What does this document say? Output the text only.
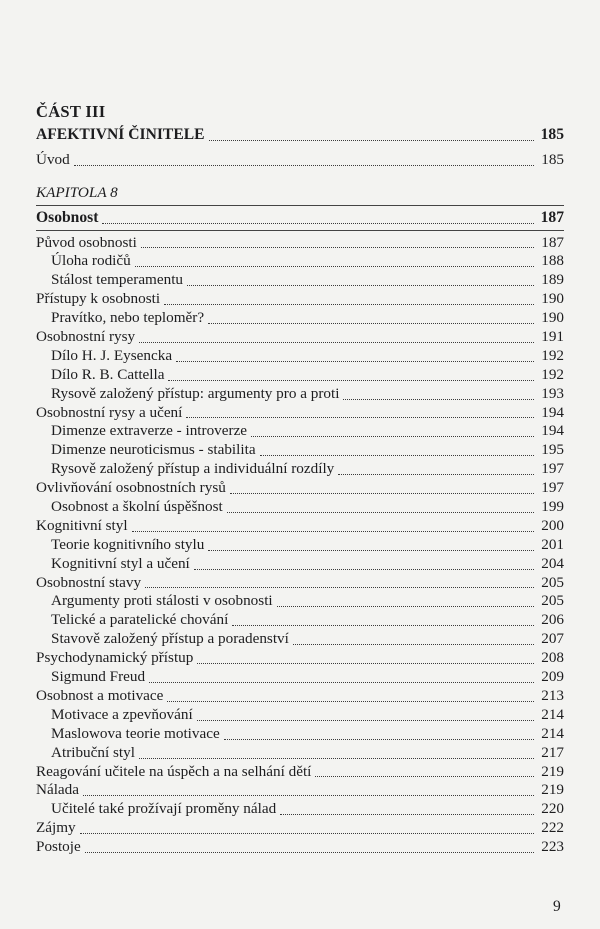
ČÁST III
AFEKTIVNÍ ČINITELE	185
Úvod	185
KAPITOLA 8
Osobnost	187
Původ osobnosti	187
Úloha rodičů	188
Stálost temperamentu	189
Přístupy k osobnosti	190
Pravítko, nebo teploměr?	190
Osobnostní rysy	191
Dílo H. J. Eysencka	192
Dílo R. B. Cattella	192
Rysově založený přístup: argumenty pro a proti	193
Osobnostní rysy a učení	194
Dimenze extraverze - introverze	194
Dimenze neuroticismus - stabilita	195
Rysově založený přístup a individuální rozdíly	197
Ovlivňování osobnostních rysů	197
Osobnost a školní úspěšnost	199
Kognitivní styl	200
Teorie kognitivního stylu	201
Kognitivní styl a učení	204
Osobnostní stavy	205
Argumenty proti stálosti v osobnosti	205
Telické a paratelické chování	206
Stavově založený přístup a poradenství	207
Psychodynamický přístup	208
Sigmund Freud	209
Osobnost a motivace	213
Motivace a zpevňování	214
Maslowova teorie motivace	214
Atribuční styl	217
Reagování učitele na úspěch a na selhání dětí	219
Nálada	219
Učitelé také prožívají proměny nálad	220
Zájmy	222
Postoje	223
9
